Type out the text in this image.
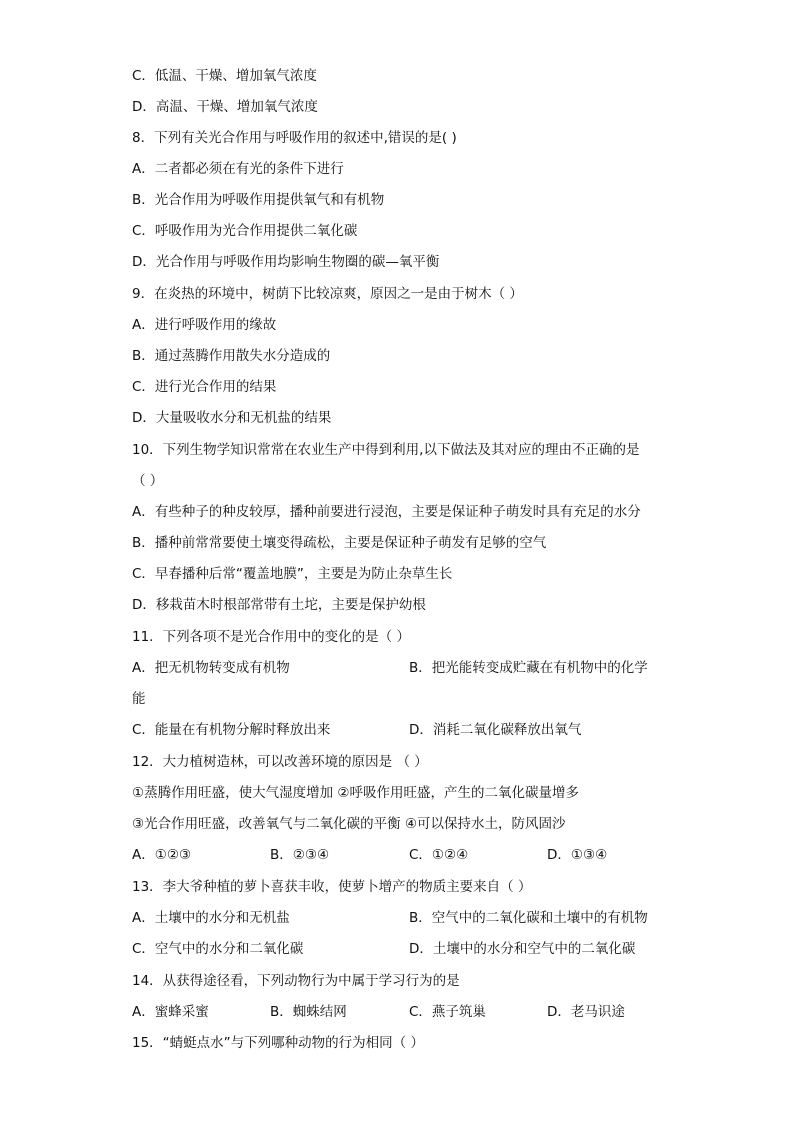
C．低温、干燥、增加氧气浓度
D．高温、干燥、增加氧气浓度
8．下列有关光合作用与呼吸作用的叙述中,错误的是( )
A．二者都必须在有光的条件下进行
B．光合作用为呼吸作用提供氧气和有机物
C．呼吸作用为光合作用提供二氧化碳
D．光合作用与呼吸作用均影响生物圈的碳—氧平衡
9．在炎热的环境中，树荫下比较凉爽，原因之一是由于树木（ ）
A．进行呼吸作用的缘故
B．通过蒸腾作用散失水分造成的
C．进行光合作用的结果
D．大量吸收水分和无机盐的结果
10．下列生物学知识常常在农业生产中得到利用,以下做法及其对应的理由不正确的是
（ ）
A．有些种子的种皮较厚，播种前要进行浸泡，主要是保证种子萌发时具有充足的水分
B．播种前常常要使土壤变得疏松，主要是保证种子萌发有足够的空气
C．早春播种后常“覆盖地膜”，主要是为防止杂草生长
D．移栽苗木时根部常带有土坨，主要是保护幼根
11．下列各项不是光合作用中的变化的是（ ）
A．把无机物转变成有机物	B．把光能转变成贮藏在有机物中的化学
能
C．能量在有机物分解时释放出来	D．消耗二氧化碳释放出氧气
12．大力植树造林，可以改善环境的原因是 （ ）
①蒸腾作用旺盛，使大气湿度增加 ②呼吸作用旺盛，产生的二氧化碳量增多
③光合作用旺盛，改善氧气与二氧化碳的平衡 ④可以保持水土，防风固沙
A．①②③	B．②③④	C．①②④	D．①③④
13．李大爷种植的萝卜喜获丰收，使萝卜增产的物质主要来自（ ）
A．土壤中的水分和无机盐	B．空气中的二氧化碳和土壤中的有机物
C．空气中的水分和二氧化碳	D．土壤中的水分和空气中的二氧化碳
14．从获得途径看，下列动物行为中属于学习行为的是
A．蜜蜂采蜜	B．蜘蛛结网	C．燕子筑巢	D．老马识途
15．“蜻蜓点水”与下列哪种动物的行为相同（ ）
